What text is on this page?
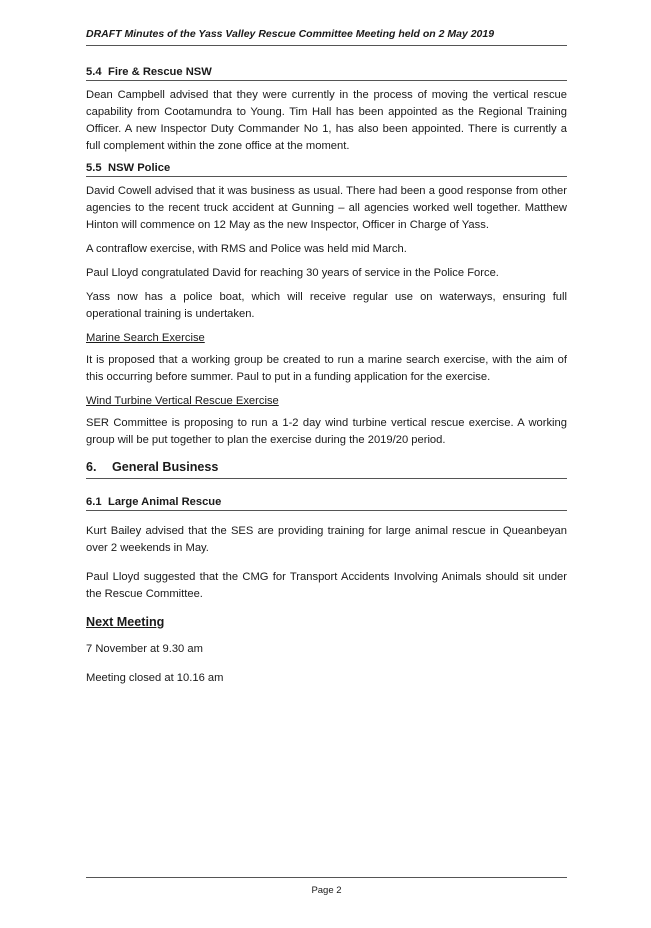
DRAFT Minutes of the Yass Valley Rescue Committee Meeting held on 2 May 2019
5.4 Fire & Rescue NSW

Dean Campbell advised that they were currently in the process of moving the vertical rescue capability from Cootamundra to Young. Tim Hall has been appointed as the Regional Training Officer. A new Inspector Duty Commander No 1, has also been appointed. There is currently a full complement within the zone office at the moment.

5.5 NSW Police

David Cowell advised that it was business as usual. There had been a good response from other agencies to the recent truck accident at Gunning – all agencies worked well together. Matthew Hinton will commence on 12 May as the new Inspector, Officer in Charge of Yass.

A contraflow exercise, with RMS and Police was held mid March.

Paul Lloyd congratulated David for reaching 30 years of service in the Police Force.

Yass now has a police boat, which will receive regular use on waterways, ensuring full operational training is undertaken.

Marine Search Exercise

It is proposed that a working group be created to run a marine search exercise, with the aim of this occurring before summer. Paul to put in a funding application for the exercise.

Wind Turbine Vertical Rescue Exercise

SER Committee is proposing to run a 1-2 day wind turbine vertical rescue exercise. A working group will be put together to plan the exercise during the 2019/20 period.

6. General Business
6.1 Large Animal Rescue

Kurt Bailey advised that the SES are providing training for large animal rescue in Queanbeyan over 2 weekends in May.

Paul Lloyd suggested that the CMG for Transport Accidents Involving Animals should sit under the Rescue Committee.

Next Meeting

7 November at 9.30 am

Meeting closed at 10.16 am

Page 2
